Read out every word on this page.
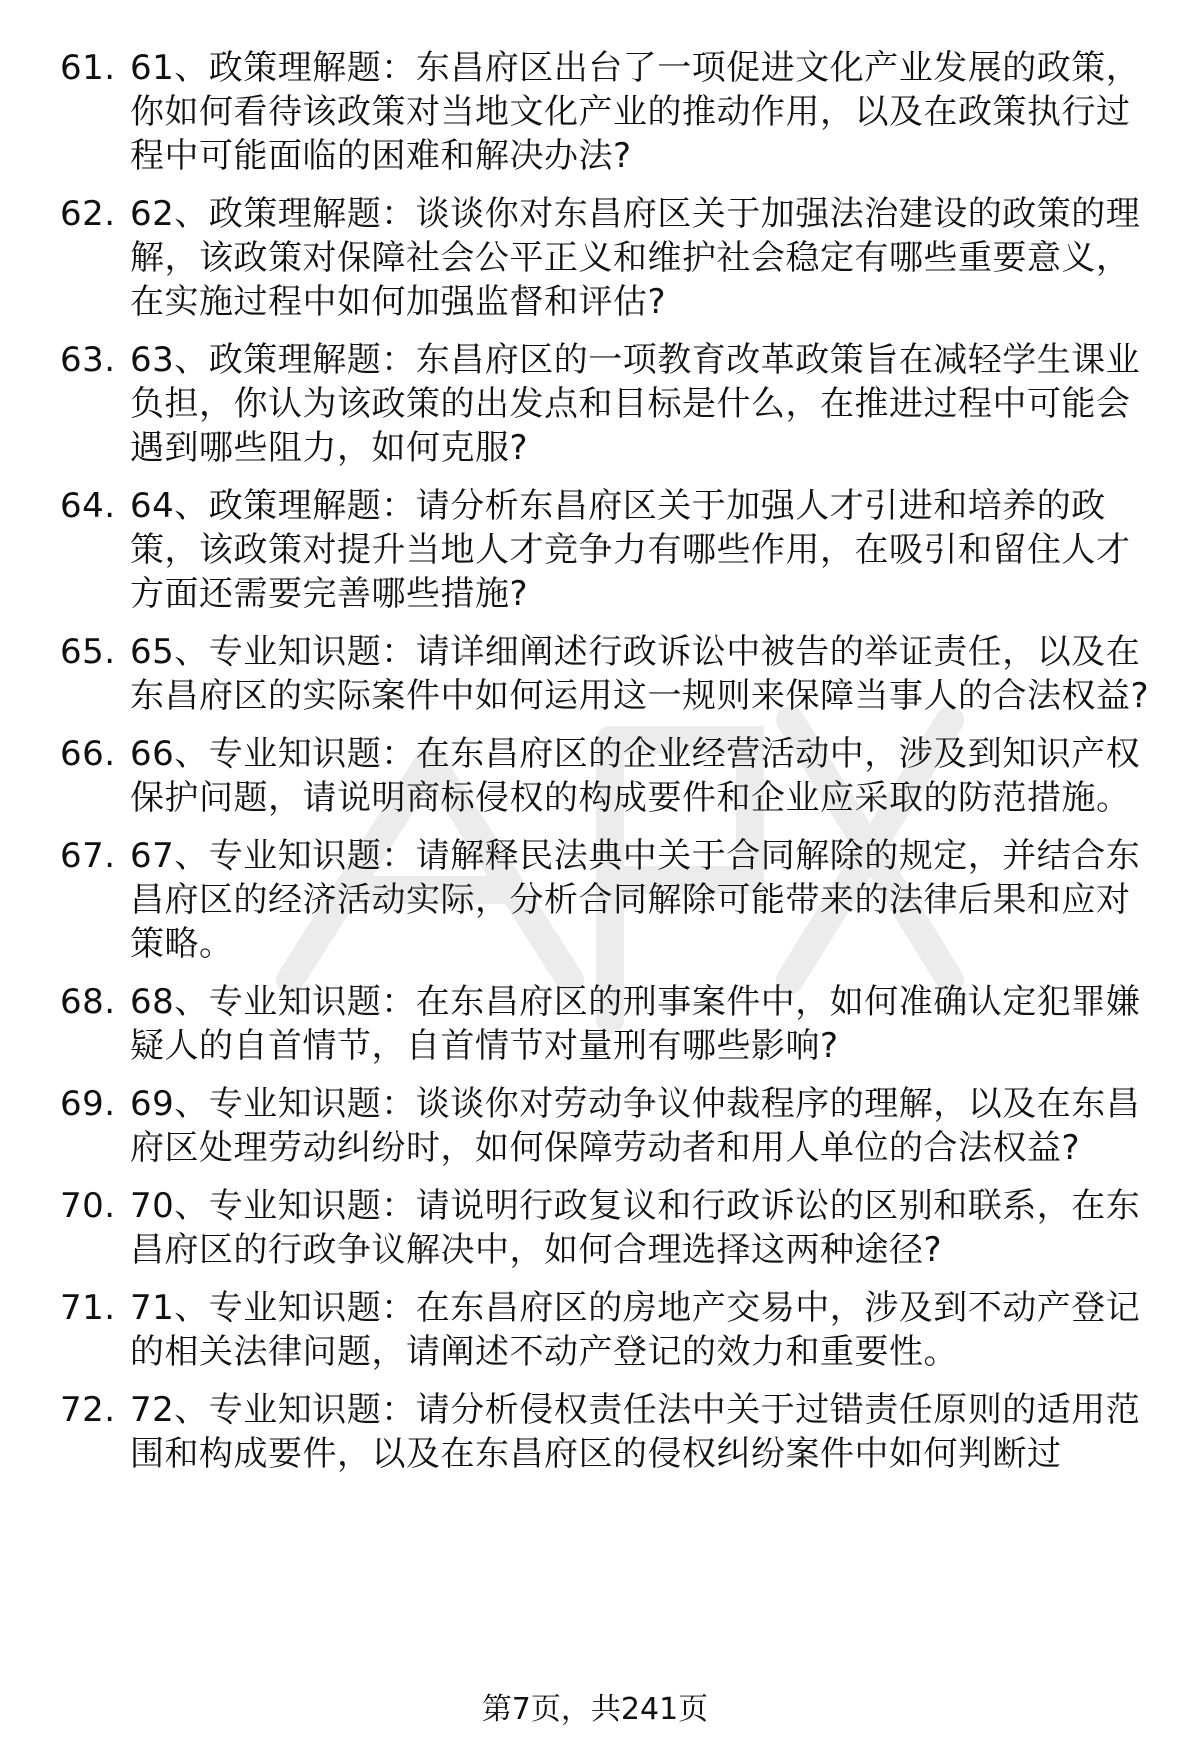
61. 61、政策理解题：东昌府区出台了一项促进文化产业发展的政策，你如何看待该政策对当地文化产业的推动作用，以及在政策执行过程中可能面临的困难和解决办法?
62. 62、政策理解题：谈谈你对东昌府区关于加强法治建设的政策的理解，该政策对保障社会公平正义和维护社会稳定有哪些重要意义，在实施过程中如何加强监督和评估?
63. 63、政策理解题：东昌府区的一项教育改革政策旨在减轻学生课业负担，你认为该政策的出发点和目标是什么，在推进过程中可能会遇到哪些阻力，如何克服?
64. 64、政策理解题：请分析东昌府区关于加强人才引进和培养的政策，该政策对提升当地人才竞争力有哪些作用，在吸引和留住人才方面还需要完善哪些措施?
65. 65、专业知识题：请详细阐述行政诉讼中被告的举证责任，以及在东昌府区的实际案件中如何运用这一规则来保障当事人的合法权益?
66. 66、专业知识题：在东昌府区的企业经营活动中，涉及到知识产权保护问题，请说明商标侵权的构成要件和企业应采取的防范措施。
67. 67、专业知识题：请解释民法典中关于合同解除的规定，并结合东昌府区的经济活动实际，分析合同解除可能带来的法律后果和应对策略。
68. 68、专业知识题：在东昌府区的刑事案件中，如何准确认定犯罪嫌疑人的自首情节，自首情节对量刑有哪些影响?
69. 69、专业知识题：谈谈你对劳动争议仲裁程序的理解，以及在东昌府区处理劳动纠纷时，如何保障劳动者和用人单位的合法权益?
70. 70、专业知识题：请说明行政复议和行政诉讼的区别和联系，在东昌府区的行政争议解决中，如何合理选择这两种途径?
71. 71、专业知识题：在东昌府区的房地产交易中，涉及到不动产登记的相关法律问题，请阐述不动产登记的效力和重要性。
72. 72、专业知识题：请分析侵权责任法中关于过错责任原则的适用范围和构成要件，以及在东昌府区的侵权纠纷案件中如何判断过
第7页，共241页
